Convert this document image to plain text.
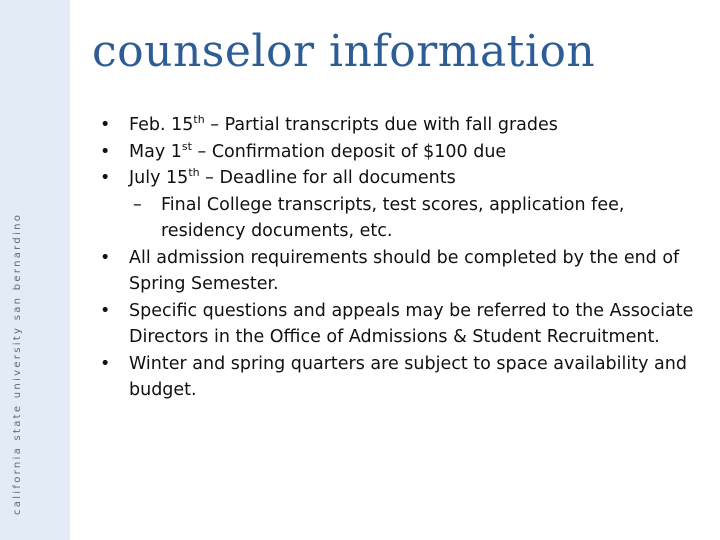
california state university san bernardino
counselor information
• Feb. 15th – Partial transcripts due with fall grades
• May 1st – Confirmation deposit of $100 due
• July 15th – Deadline for all documents
– Final College transcripts, test scores, application fee, residency documents, etc.
• All admission requirements should be completed by the end of Spring Semester.
• Specific questions and appeals may be referred to the Associate Directors in the Office of Admissions & Student Recruitment.
• Winter and spring quarters are subject to space availability and budget.
